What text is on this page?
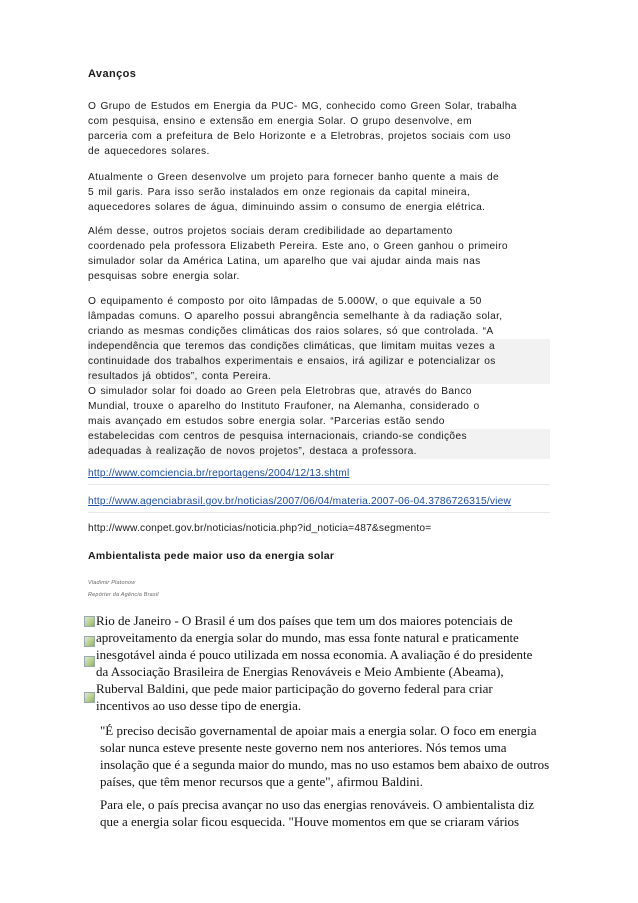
Avanços
O Grupo de Estudos em Energia da PUC- MG, conhecido como Green Solar, trabalha
com pesquisa, ensino e extensão em energia Solar. O grupo desenvolve, em
parceria com a prefeitura de Belo Horizonte e a Eletrobras, projetos sociais com uso
de aquecedores solares.
Atualmente o Green desenvolve um projeto para fornecer banho quente a mais de
5 mil garis. Para isso serão instalados em onze regionais da capital mineira,
aquecedores solares de água, diminuindo assim o consumo de energia elétrica.
Além desse, outros projetos sociais deram credibilidade ao departamento
coordenado pela professora Elizabeth Pereira. Este ano, o Green ganhou o primeiro
simulador solar da América Latina, um aparelho que vai ajudar ainda mais nas
pesquisas sobre energia solar.
O equipamento é composto por oito lâmpadas de 5.000W, o que equivale a 50
lâmpadas comuns. O aparelho possui abrangência semelhante à da radiação solar,
criando as mesmas condições climáticas dos raios solares, só que controlada. “A
independência que teremos das condições climáticas, que limitam muitas vezes a
continuidade dos trabalhos experimentais e ensaios, irá agilizar e potencializar os
resultados já obtidos”, conta Pereira.
O simulador solar foi doado ao Green pela Eletrobras que, através do Banco
Mundial, trouxe o aparelho do Instituto Fraufoner, na Alemanha, considerado o
mais avançado em estudos sobre energia solar. “Parcerias estão sendo
estabelecidas com centros de pesquisa internacionais, criando-se condições
adequadas à realização de novos projetos”, destaca a professora.
http://www.comciencia.br/reportagens/2004/12/13.shtml
http://www.agenciabrasil.gov.br/noticias/2007/06/04/materia.2007-06-04.3786726315/view
http://www.conpet.gov.br/noticias/noticia.php?id_noticia=487&segmento=
Ambientalista pede maior uso da energia solar
Vladimir Platonow
Repórter da Agência Brasil
Rio de Janeiro - O Brasil é um dos países que tem um dos maiores potenciais de
aproveitamento da energia solar do mundo, mas essa fonte natural e praticamente
inesgotável ainda é pouco utilizada em nossa economia. A avaliação é do presidente
da Associação Brasileira de Energias Renováveis e Meio Ambiente (Abeama),
Ruberval Baldini, que pede maior participação do governo federal para criar
incentivos ao uso desse tipo de energia.
"É preciso decisão governamental de apoiar mais a energia solar. O foco em energia
solar nunca esteve presente neste governo nem nos anteriores. Nós temos uma
insolação que é a segunda maior do mundo, mas no uso estamos bem abaixo de outros
países, que têm menor recursos que a gente", afirmou Baldini.
Para ele, o país precisa avançar no uso das energias renováveis. O ambientalista diz
que a energia solar ficou esquecida. "Houve momentos em que se criaram vários
